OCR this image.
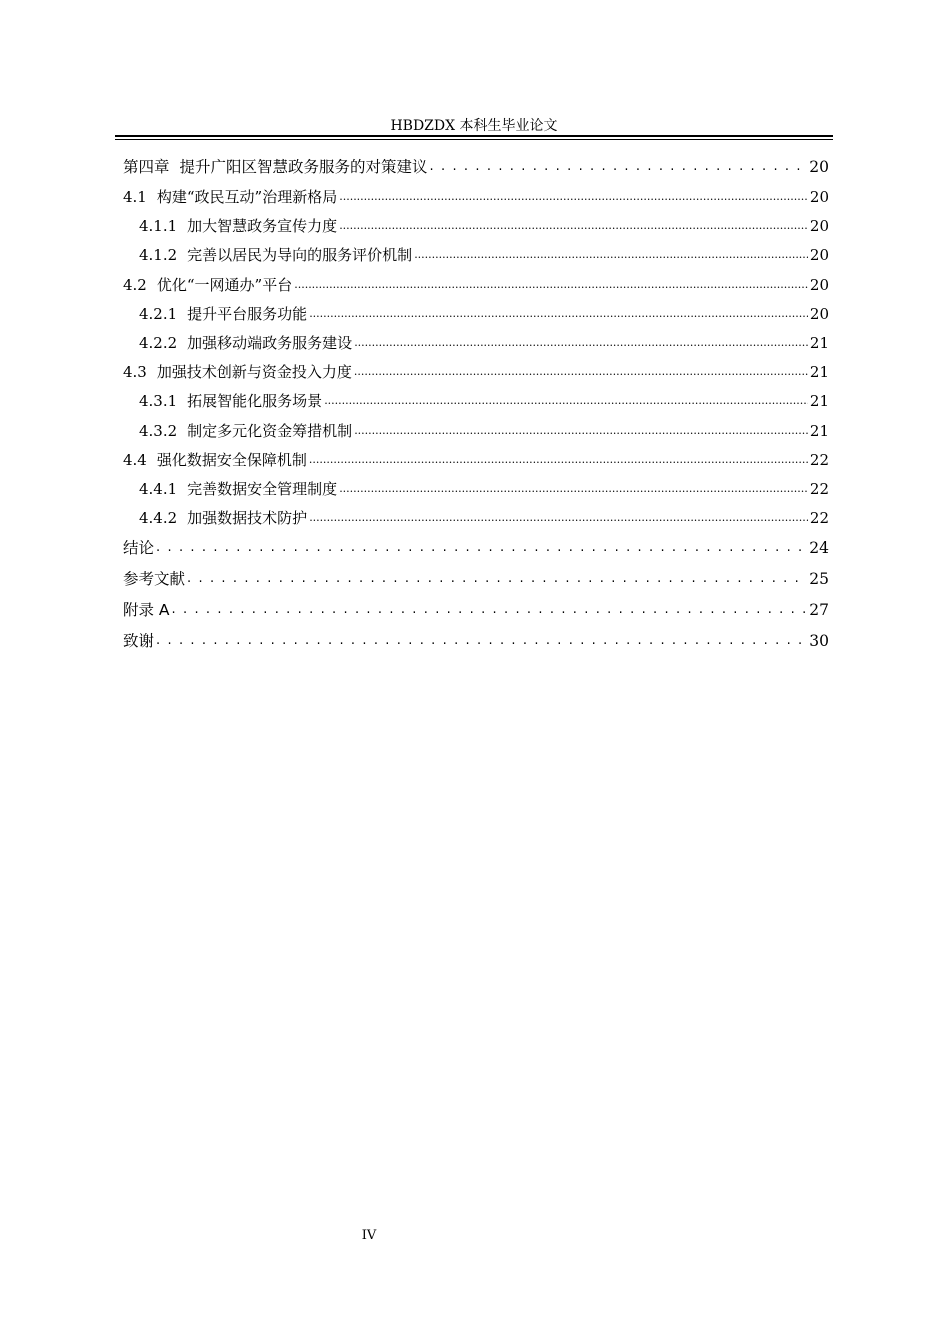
HBDZDX 本科生毕业论文
第四章 提升广阳区智慧政务服务的对策建议 . . .	20
4.1 构建“政民互动”治理新格局 .....	20
4.1.1 加大智慧政务宣传力度 .....	20
4.1.2 完善以居民为导向的服务评价机制 .....	20
4.2 优化“一网通办”平台 .....	20
4.2.1 提升平台服务功能 .....	20
4.2.2 加强移动端政务服务建设 .....	21
4.3 加强技术创新与资金投入力度 .....	21
4.3.1 拓展智能化服务场景 .....	21
4.3.2 制定多元化资金筹措机制 .....	21
4.4 强化数据安全保障机制 .....	22
4.4.1 完善数据安全管理制度 .....	22
4.4.2 加强数据技术防护 .....	22
结论 . . .	24
参考文献 . . .	25
附录 A . . .	27
致谢 . . .	30
IV
